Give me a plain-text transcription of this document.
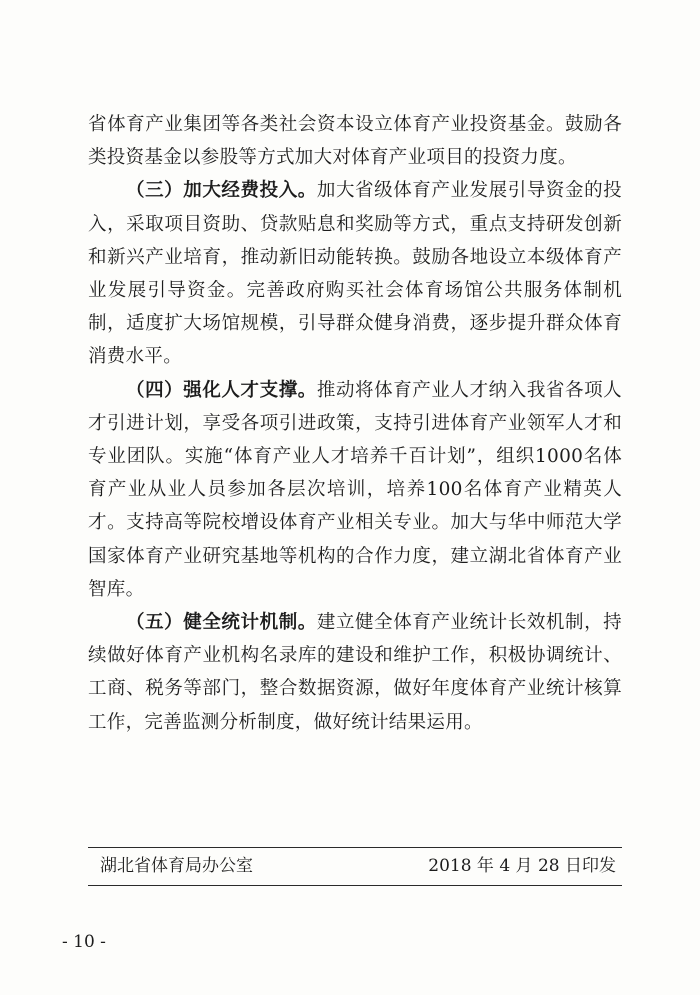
省体育产业集团等各类社会资本设立体育产业投资基金。鼓励各类投资基金以参股等方式加大对体育产业项目的投资力度。

（三）加大经费投入。加大省级体育产业发展引导资金的投入，采取项目资助、贷款贴息和奖励等方式，重点支持研发创新和新兴产业培育，推动新旧动能转换。鼓励各地设立本级体育产业发展引导资金。完善政府购买社会体育场馆公共服务体制机制，适度扩大场馆规模，引导群众健身消费，逐步提升群众体育消费水平。

（四）强化人才支撑。推动将体育产业人才纳入我省各项人才引进计划，享受各项引进政策，支持引进体育产业领军人才和专业团队。实施“体育产业人才培养千百计划”，组织1000名体育产业从业人员参加各层次培训，培养100名体育产业精英人才。支持高等院校增设体育产业相关专业。加大与华中师范大学国家体育产业研究基地等机构的合作力度，建立湖北省体育产业智库。

（五）健全统计机制。建立健全体育产业统计长效机制，持续做好体育产业机构名录库的建设和维护工作，积极协调统计、工商、税务等部门，整合数据资源，做好年度体育产业统计核算工作，完善监测分析制度，做好统计结果运用。

湖北省体育局办公室	2018 年 4 月 28 日印发
- 10 -
